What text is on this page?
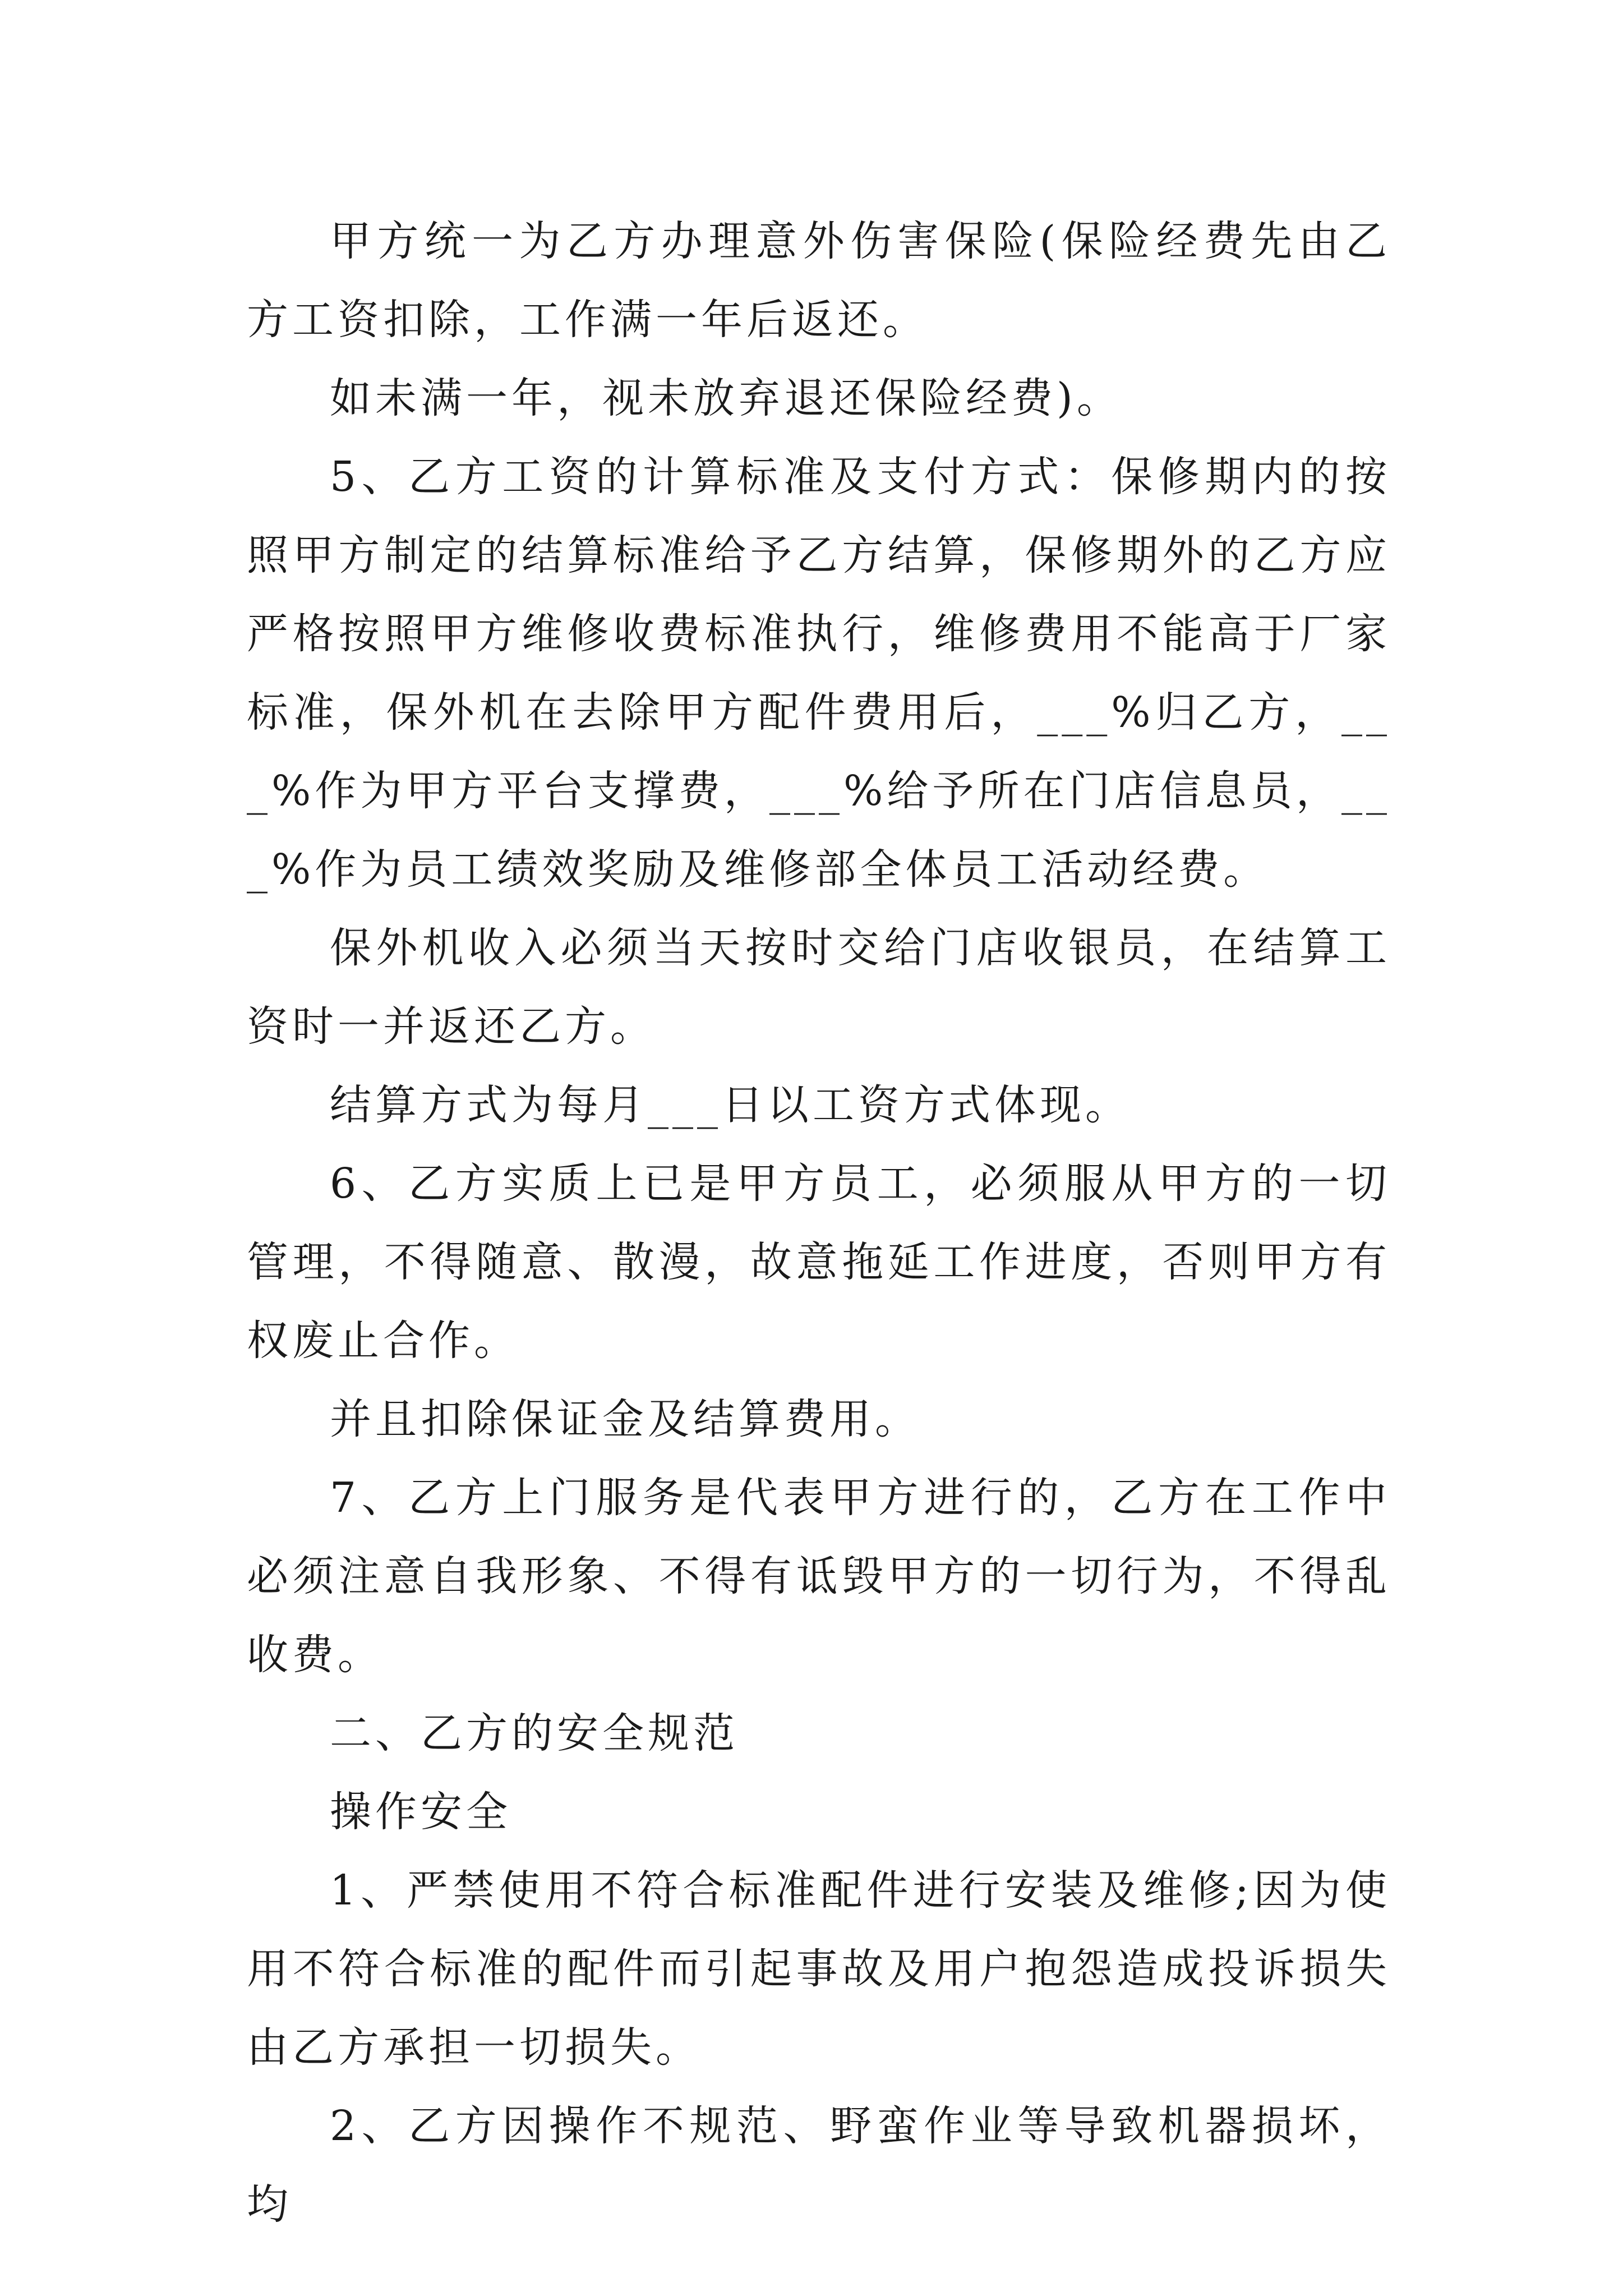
甲方统一为乙方办理意外伤害保险(保险经费先由乙方工资扣除，工作满一年后返还。

如未满一年，视未放弃退还保险经费)。

5、乙方工资的计算标准及支付方式：保修期内的按照甲方制定的结算标准给予乙方结算，保修期外的乙方应严格按照甲方维修收费标准执行，维修费用不能高于厂家标准，保外机在去除甲方配件费用后，___%归乙方，___%作为甲方平台支撑费，___%给予所在门店信息员，___%作为员工绩效奖励及维修部全体员工活动经费。

保外机收入必须当天按时交给门店收银员，在结算工资时一并返还乙方。

结算方式为每月___日以工资方式体现。

6、乙方实质上已是甲方员工，必须服从甲方的一切管理，不得随意、散漫，故意拖延工作进度，否则甲方有权废止合作。

并且扣除保证金及结算费用。

7、乙方上门服务是代表甲方进行的，乙方在工作中必须注意自我形象、不得有诋毁甲方的一切行为，不得乱收费。

二、乙方的安全规范

操作安全

1、严禁使用不符合标准配件进行安装及维修;因为使用不符合标准的配件而引起事故及用户抱怨造成投诉损失由乙方承担一切损失。

2、乙方因操作不规范、野蛮作业等导致机器损坏，均
